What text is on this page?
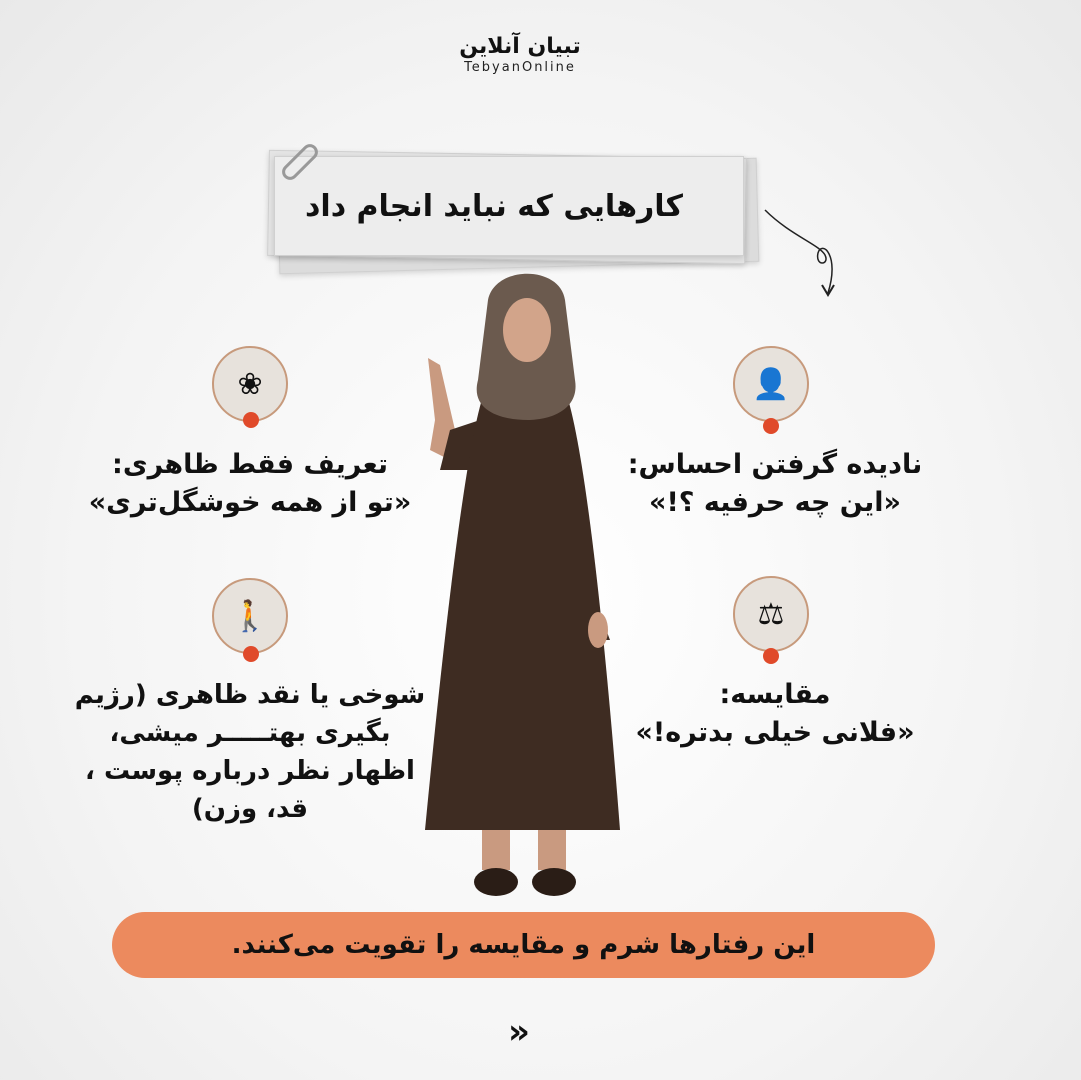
تبیان آنلاین
TebyanOnline
کارهایی که نباید انجام داد
❀
تعریف فقط ظاهری:
«تو از همه خوشگل‌تری»
👤
نادیده گرفتن احساس:
«این چه حرفیه ؟!»
🚶
شوخی یا نقد ظاهری (رژیم
بگیری بهتـــــر میشی،
اظهار نظر درباره پوست ،
قد، وزن)
⚖
مقایسه:
«فلانی خیلی بدتره!»
این رفتارها شرم و مقایسه را تقویت می‌کنند.
»
